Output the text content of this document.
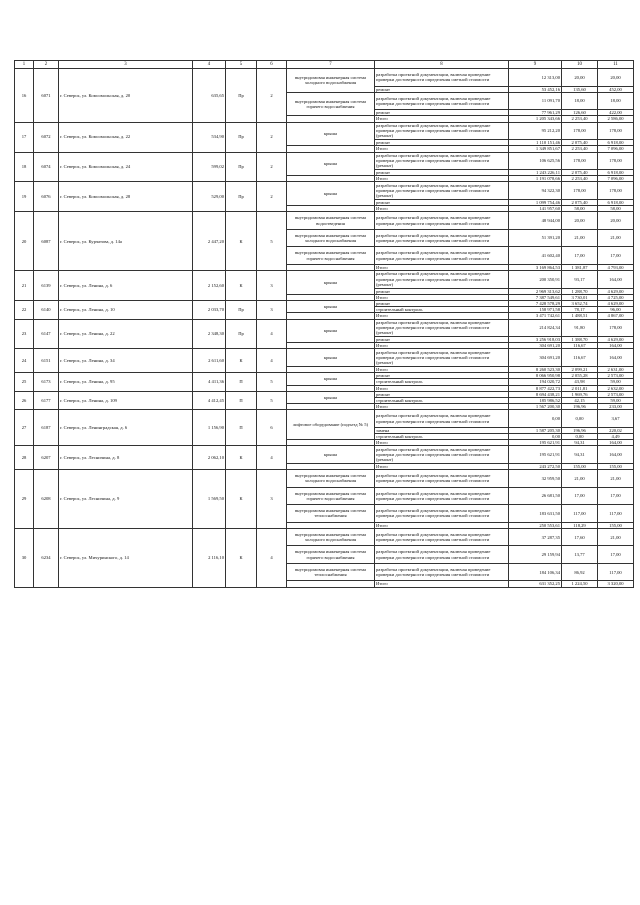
1	2	3	4	5	6	7	8	9	10	11
16	6071	г. Северск, ул. Комсомольская, д. 20	635,65	Пр	2	внутридомовая инженерная система холодного водоснабжения	разработка проектной документации, включая проведение проверки достоверности определения сметной стоимости	12 313,00	20,00	20,00
							ремонт	53 452,16	135,60	452,00
						внутридомовая инженерная система горячего водоснабжения	разработка проектной документации, включая проведение проверки достоверности определения сметной стоимости	11 091,70	18,00	18,00
							ремонт	77 961,29	126,60	422,00
							Итого	1 205 343,66	2 253,40	2 586,00
17	6072	г. Северск, ул. Комсомольская, д. 22	534,90	Пр	2	крыша	разработка проектной документации, включая проведение проверки достоверности определения сметной стоимости (ремонт)	95 212,20	178,00	178,00
							ремонт	1 110 151,46	2 075,40	6 918,00
							Итого	1 349 851,67	2 253,40	7 096,00
18	6074	г. Северск, ул. Комсомольская, д. 24	599,02	Пр	2	крыша	разработка проектной документации, включая проведение проверки достоверности определения сметной стоимости (ремонт)	106 625,56	178,00	178,00
							ремонт	1 243 226,11	2 075,40	6 918,00
							Итого	1 191 078,66	2 253,40	7 096,00
19	6076	г. Северск, ул. Комсомольская, д. 28	529,00	Пр	2	крыша	разработка проектной документации, включая проведение проверки достоверности определения сметной стоимости (ремонт)	94 322,30	178,00	178,00
							ремонт	1 099 754,46	2 075,40	6 918,00
							Итого	141 957,60	58,00	58,00
20	6087	г. Северск, ул. Курчатова, д. 14а	2 447,20	К	5	внутридомовая инженерная система водоотведения	разработка проектной документации, включая проведение проверки достоверности определения сметной стоимости	48 944,00	20,00	20,00
						внутридомовая инженерная система холодного водоснабжения	разработка проектной документации, включая проведение проверки достоверности определения сметной стоимости	51 391,20	21,00	21,00
						внутридомовая инженерная система горячего водоснабжения	разработка проектной документации, включая проведение проверки достоверности определения сметной стоимости	41 602,40	17,00	17,00
							Итого	3 169 864,53	1 381,87	4 793,00
21	6139	г. Северск, ул. Ленина, д. 6	2 152,60	К	3	крыша	разработка проектной документации, включая проведение проверки достоверности определения сметной стоимости (ремонт)	200 350,91	93,17	164,00
							ремонт	2 969 313,62	1 288,70	4 629,00
							Итого	7 387 549,61	3 730,01	4 725,00
22	6140	г. Северск, ул. Ленина, д. 10	2 033,70	Пр	3	крыша	ремонт	7 428 578,29	3 652,74	4 629,00
							строительный контроль	158 971,58	78,17	96,00
							Итого	3 471 742,61	1 488,51	4 867,00
23	6147	г. Северск, ул. Ленина, д. 22	2 348,30	Пр	4	крыша	разработка проектной документации, включая проведение проверки достоверности определения сметной стоимости (ремонт)	214 824,34	91,80	178,00
							ремонт	3 256 918,03	1 388,70	4 629,00
							Итого	304 691,20	116,67	164,00
24	6151	г. Северск, ул. Ленина, д. 34	2 611,60	К	4	крыша	разработка проектной документации, включая проведение проверки достоверности определения сметной стоимости (ремонт)	304 691,20	116,67	164,00
							Итого	8 260 523,30	2 099,21	2 631,00
25	6173	г. Северск, ул. Ленина, д. 95	4 411,36	П	5	крыша	ремонт	8 066 950,98	2 055,28	2 573,00
							строительный контроль	194 020,72	43,98	59,00
							Итого	8 877 422,73	2 011,81	2 632,00
26	6177	г. Северск, ул. Ленина, д. 109	4 412,45	П	5	крыша	ремонт	8 694 438,21	1 969,76	2 573,00
							строительный контроль	185 986,52	42,15	59,00
							Итого	1 567 200,30	196,96	233,00
27	6187	г. Северск, ул. Ленинградская, д. 6	1 156,90	П	6	лифтовое оборудование (подъезд № 5)	разработка проектной документации, включая проведение проверки достоверности определения сметной стоимости	0,00	0,00	3,67
							замена	1 587 205,30	196,96	220,02
							строительный контроль	0,00	0,00	4,49
							Итого	195 621,91	94,31	164,00
28	6207	г. Северск, ул. Лесничина, д. 8	2 062,10	К	4	крыша	разработка проектной документации, включая проведение проверки достоверности определения сметной стоимости (ремонт)	195 621,91	94,31	164,00
							Итого	243 272,50	155,00	155,00
29	6208	г. Северск, ул. Лесничина, д. 9	1 569,50	К	3	внутридомовая инженерная система холодного водоснабжения	разработка проектной документации, включая проведение проверки достоверности определения сметной стоимости	32 959,50	21,00	21,00
						внутридомовая инженерная система горячего водоснабжения	разработка проектной документации, включая проведение проверки достоверности определения сметной стоимости	26 681,50	17,00	17,00
						внутридомовая инженерная система теплоснабжения	разработка проектной документации, включая проведение проверки достоверности определения сметной стоимости	183 631,50	117,00	117,00
							Итого	250 553,61	118,29	155,00
30	6234	г. Северск, ул. Мичуринского, д. 14	2 116,10	К	4	внутридомовая инженерная система холодного водоснабжения	разработка проектной документации, включая проведение проверки достоверности определения сметной стоимости	37 287,35	17,60	21,00
						внутридомовая инженерная система горячего водоснабжения	разработка проектной документации, включая проведение проверки достоверности определения сметной стоимости	29 159,94	13,77	17,00
						внутридомовая инженерная система теплоснабжения	разработка проектной документации, включая проведение проверки достоверности определения сметной стоимости	184 106,34	86,92	117,00
							Итого	631 352,25	1 224,50	3 320,00
